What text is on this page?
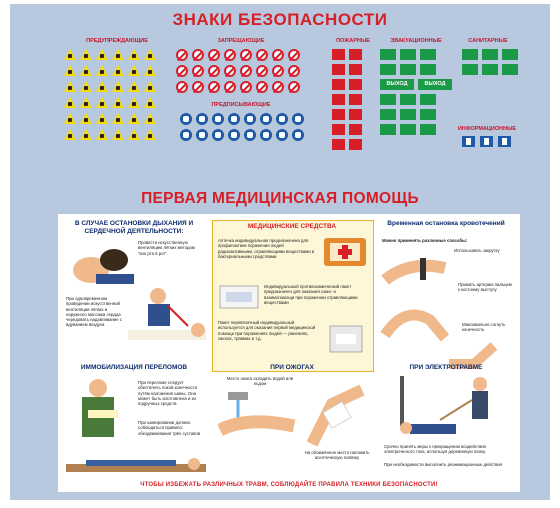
ЗНАКИ БЕЗОПАСНОСТИ
ПРЕДУПРЕЖДАЮЩИЕ	ЗАПРЕЩАЮЩИЕ
ПРЕДПИСЫВАЮЩИЕ
ПОЖАРНЫЕ	ЭВАКУАЦИОННЫЕ
ВЫХОД	ВЫХОД
САНИТАРНЫЕ
ИНФОРМАЦИОННЫЕ
ПЕРВАЯ МЕДИЦИНСКАЯ ПОМОЩЬ
В СЛУЧАЕ ОСТАНОВКИ ДЫХАНИЯ И СЕРДЕЧНОЙ ДЕЯТЕЛЬНОСТИ:
Провести искусственную вентиляцию лёгких методом "изо рта в рот".
При одновременном проведении искусственной вентиляции лёгких и наружного массажа сердца чередовать надавливание с вдуванием воздуха
МЕДИЦИНСКИЕ СРЕДСТВА
Аптечка индивидуальная предназначена для профилактики поражения людей радиоактивными, отравляющими веществами и бактериальными средствами
Индивидуальный противохимический пакет предназначен для оказания само- и взаимопомощи при поражении отравляющими веществами
Пакет перевязочный индивидуальный используется для оказания первой медицинской помощи при поражениях людей — ранениях, ожогах, травмах и т.д.
Временная остановка кровотечений
Можно применять различные способы:
Использовать закрутку
Прижать артерию пальцем к костному выступу
Максимально согнуть конечность
ИММОБИЛИЗАЦИЯ ПЕРЕЛОМОВ
При переломе следует обеспечить покой конечности путём наложения шины. Она может быть изготовлена и из подручных средств.
При шинировании должно соблюдаться правило: обездвиживания трёх суставов
ПРИ ОЖОГАХ
Место ожога охладить водой или льдом
На обожжённое место наложить асептическую повязку
ПРИ ЭЛЕКТРОТРАВМЕ
Срочно принять меры к прекращению воздействия электрического тока, используя деревянную палку.
При необходимости выполнить реанимационные действия
ЧТОБЫ ИЗБЕЖАТЬ РАЗЛИЧНЫХ ТРАВМ, СОБЛЮДАЙТЕ ПРАВИЛА ТЕХНИКИ БЕЗОПАСНОСТИ!
